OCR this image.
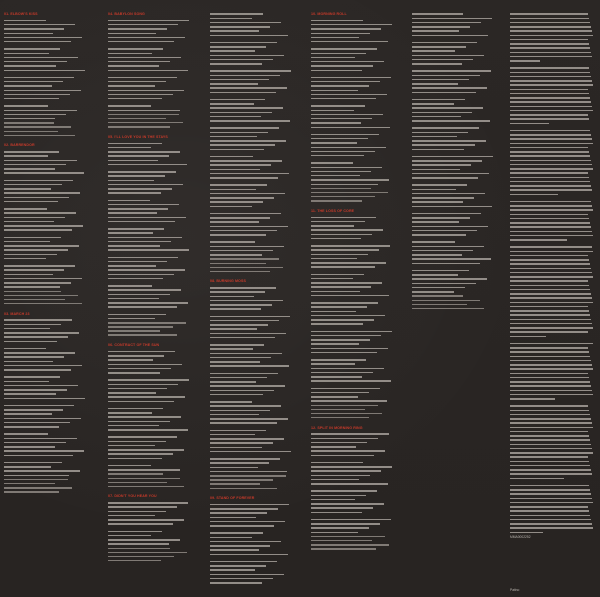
01. ELBOW'S KISS
02. BARRENDOR
03. MARCH 23
04. BABYLON SONG
05. I'LL LOVE YOU IN THE STAYS
06. CONTRACT OF THE SUN
07. DIDN'T YOU HEAR YOU
08. BURNING MOSS
09. STAND OF FOREVER
10. MORNING ROLL
11. THE LOSS OF CORE
12. SPLIT IN MORNING RING
MMA0002252
Patino
